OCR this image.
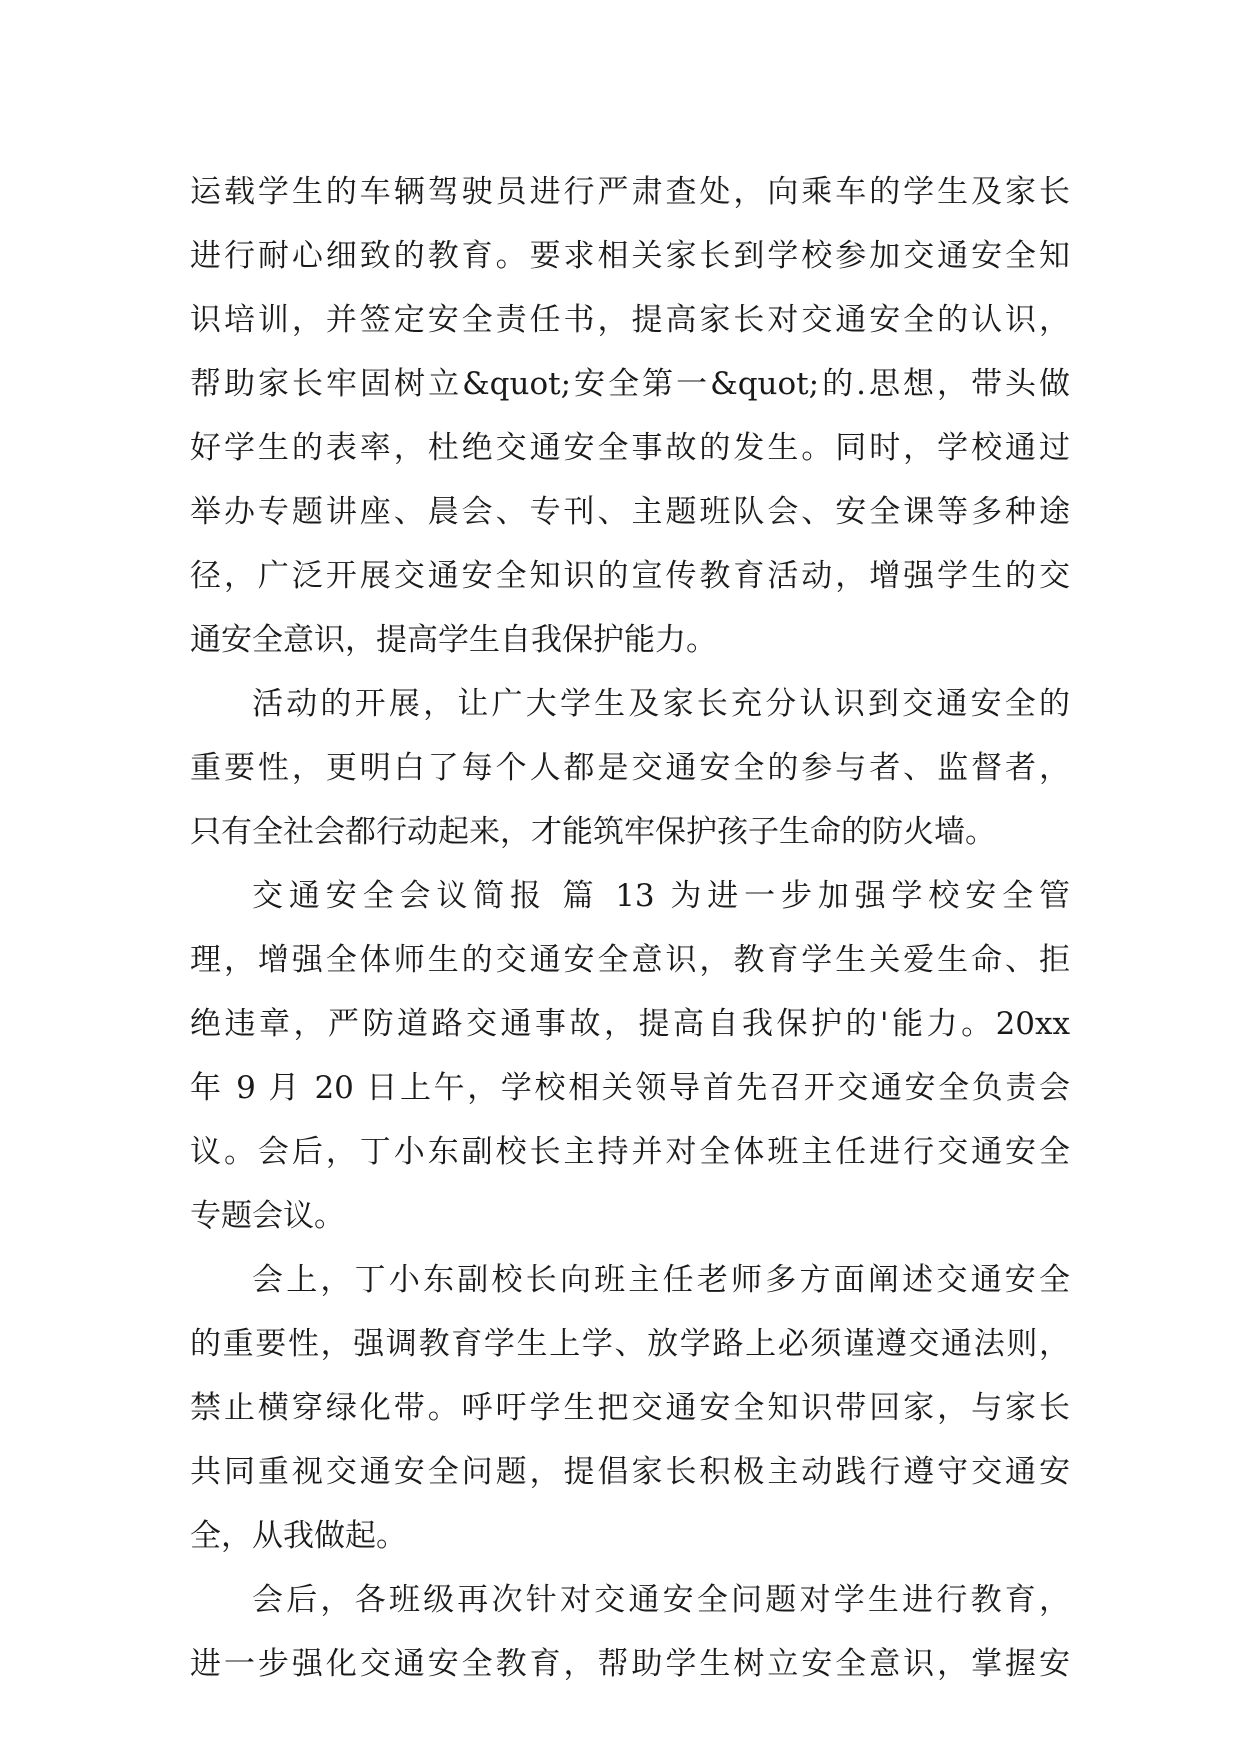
运载学生的车辆驾驶员进行严肃查处，向乘车的学生及家长
进行耐心细致的教育。要求相关家长到学校参加交通安全知
识培训，并签定安全责任书，提高家长对交通安全的认识，
帮助家长牢固树立&quot;安全第一&quot;的.思想，带头做
好学生的表率，杜绝交通安全事故的发生。同时，学校通过
举办专题讲座、晨会、专刊、主题班队会、安全课等多种途
径，广泛开展交通安全知识的宣传教育活动，增强学生的交
通安全意识，提高学生自我保护能力。
活动的开展，让广大学生及家长充分认识到交通安全的
重要性，更明白了每个人都是交通安全的参与者、监督者，
只有全社会都行动起来，才能筑牢保护孩子生命的防火墙。
交通安全会议简报 篇 13 为进一步加强学校安全管
理，增强全体师生的交通安全意识，教育学生关爱生命、拒
绝违章，严防道路交通事故，提高自我保护的'能力。20xx
年 9 月 20 日上午，学校相关领导首先召开交通安全负责会
议。会后，丁小东副校长主持并对全体班主任进行交通安全
专题会议。
会上，丁小东副校长向班主任老师多方面阐述交通安全
的重要性，强调教育学生上学、放学路上必须谨遵交通法则，
禁止横穿绿化带。呼吁学生把交通安全知识带回家，与家长
共同重视交通安全问题，提倡家长积极主动践行遵守交通安
全，从我做起。
会后，各班级再次针对交通安全问题对学生进行教育，
进一步强化交通安全教育，帮助学生树立安全意识，掌握安
